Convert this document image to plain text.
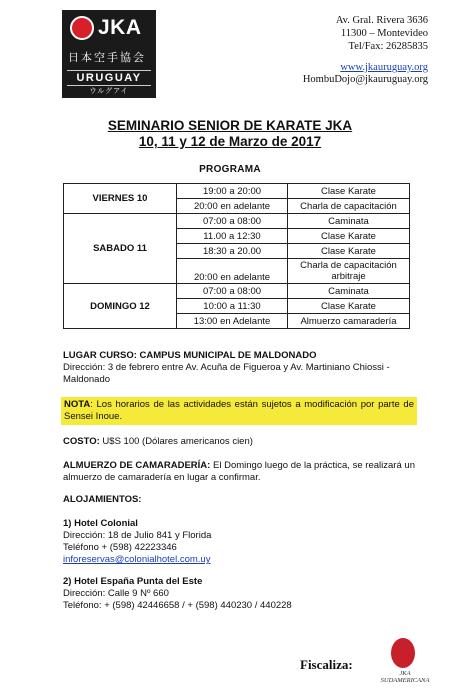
JKA
日本空手協会
URUGUAY
ウルグアイ
Av. Gral. Rivera 3636
11300 – Montevideo
Tel/Fax: 26285835
www.jkauruguay.org
HombuDojo@jkauruguay.org
SEMINARIO SENIOR DE KARATE JKA
10, 11 y 12 de Marzo de 2017
PROGRAMA
VIERNES 10	19:00 a 20:00	Clase Karate
	20:00 en adelante	Charla de capacitación
SABADO 11	07:00 a 08:00	Caminata
	11.00 a 12:30	Clase Karate
	18:30 a 20.00	Clase Karate
	20:00 en adelante	Charla de capacitación arbitraje
DOMINGO 12	07:00 a 08:00	Caminata
	10:00 a 11:30	Clase Karate
	13:00 en Adelante	Almuerzo camaradería
LUGAR CURSO: CAMPUS MUNICIPAL DE MALDONADO
Dirección: 3 de febrero entre Av. Acuña de Figueroa y Av. Martiniano Chiossi - Maldonado
NOTA: Los horarios de las actividades están sujetos a modificación por parte de Sensei Inoue.
COSTO: U$S 100 (Dólares americanos cien)
ALMUERZO DE CAMARADERÍA: El Domingo luego de la práctica, se realizará un almuerzo de camaradería en lugar a confirmar.
ALOJAMIENTOS:
1) Hotel Colonial
Dirección: 18 de Julio 841 y Florida
Teléfono + (598) 42223346
inforeservas@colonialhotel.com.uy
2) Hotel España Punta del Este
Dirección: Calle 9 Nº 660
Teléfono: + (598) 42446658 / + (598) 440230 / 440228
Fiscaliza:
JKA SUDAMERICANA
